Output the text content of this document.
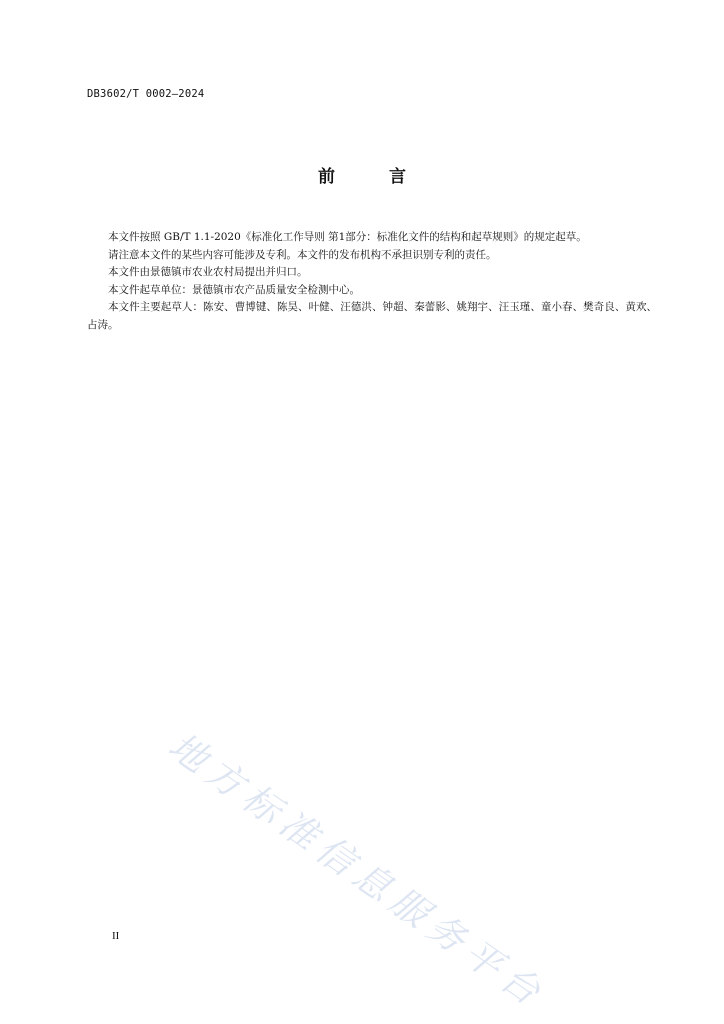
DB3602/T 0002—2024
前 言

本文件按照 GB/T 1.1-2020《标准化工作导则 第1部分：标准化文件的结构和起草规则》的规定起草。

请注意本文件的某些内容可能涉及专利。本文件的发布机构不承担识别专利的责任。

本文件由景德镇市农业农村局提出并归口。

本文件起草单位：景德镇市农产品质量安全检测中心。

本文件主要起草人：陈安、曹博键、陈昊、叶健、汪德洪、钟超、秦蕾影、姚翔宇、汪玉瑾、童小春、樊奇良、黄欢、占涛。

地方标准信息服务平台
II
